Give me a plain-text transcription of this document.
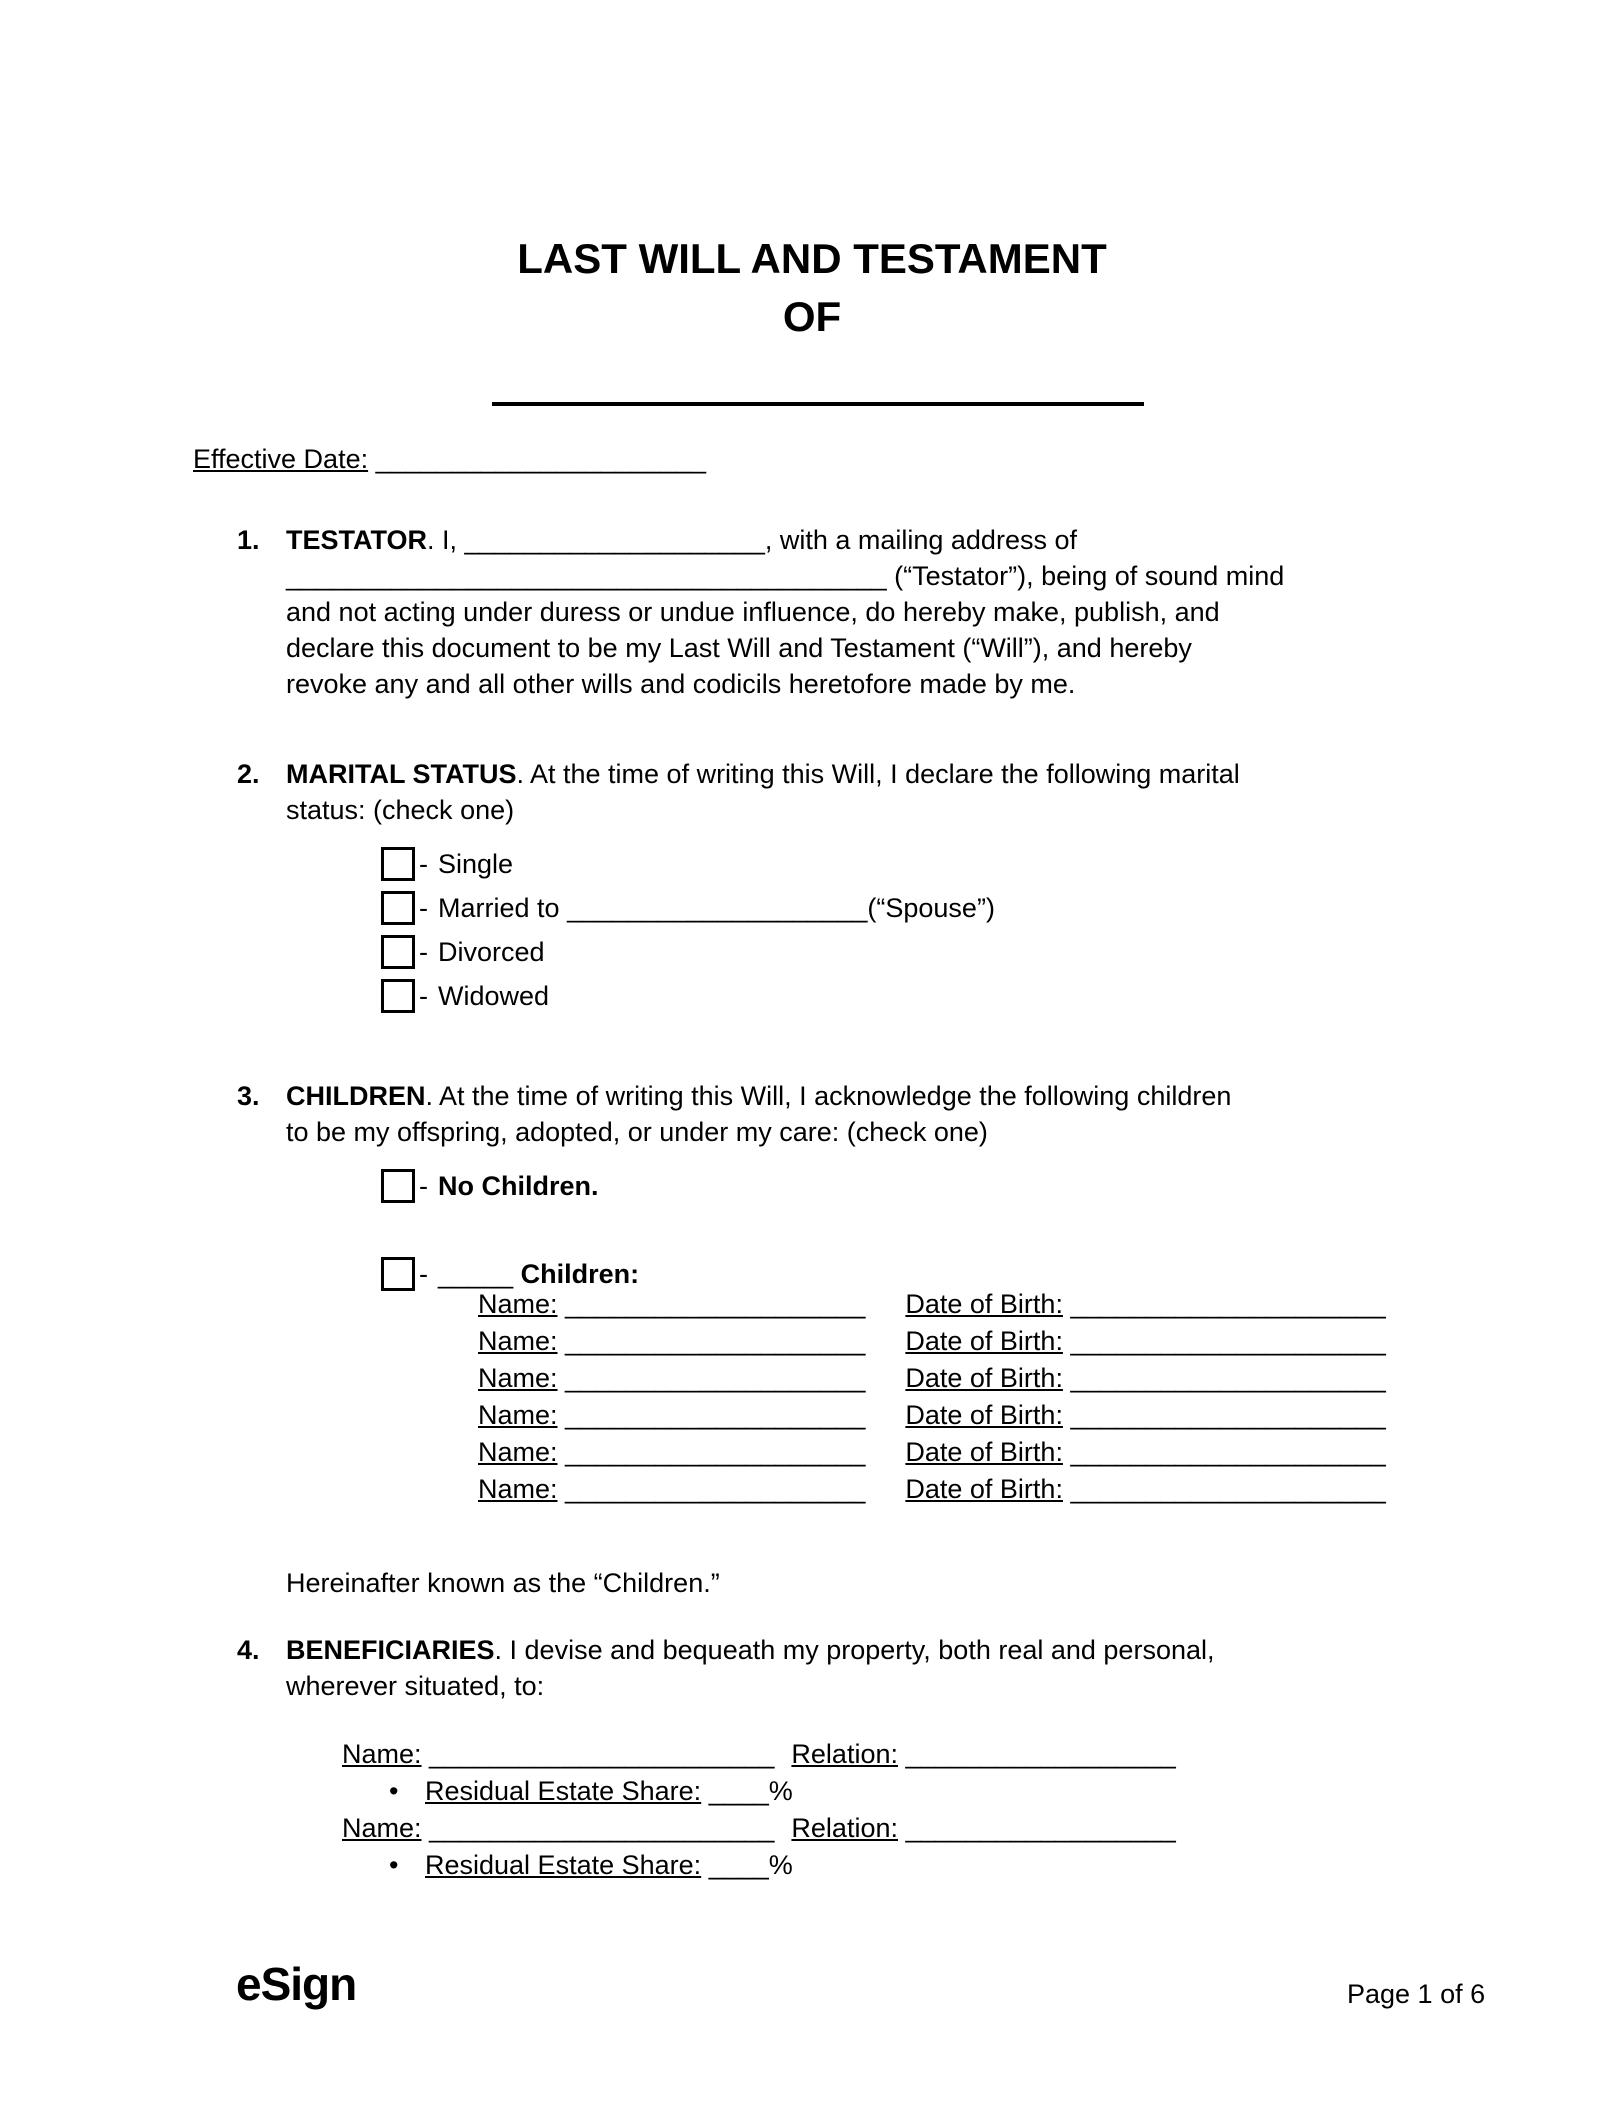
LAST WILL AND TESTAMENT
OF
Effective Date: ______________________
1. TESTATOR. I, ____________________, with a mailing address of
________________________________________ (“Testator”), being of sound mind
and not acting under duress or undue influence, do hereby make, publish, and
declare this document to be my Last Will and Testament (“Will”), and hereby
revoke any and all other wills and codicils heretofore made by me.
2. MARITAL STATUS. At the time of writing this Will, I declare the following marital
status: (check one)
- Single
- Married to
____________________ (“Spouse”)
- Divorced
- Widowed
3. CHILDREN. At the time of writing this Will, I acknowledge the following children
to be my offspring, adopted, or under my care: (check one)
- No Children.
- _____
Children:
Name: ____________________ Date of Birth: _____________________
Name: ____________________ Date of Birth: _____________________
Name: ____________________ Date of Birth: _____________________
Name: ____________________ Date of Birth: _____________________
Name: ____________________ Date of Birth: _____________________
Name: ____________________ Date of Birth: _____________________
Hereinafter known as the “Children.”
4. BENEFICIARIES. I devise and bequeath my property, both real and personal,
wherever situated, to:
Name: _______________________ Relation: __________________
• Residual Estate Share: ____%
Name: _______________________ Relation: __________________
• Residual Estate Share: ____%
eSign	Page 1 of 6
